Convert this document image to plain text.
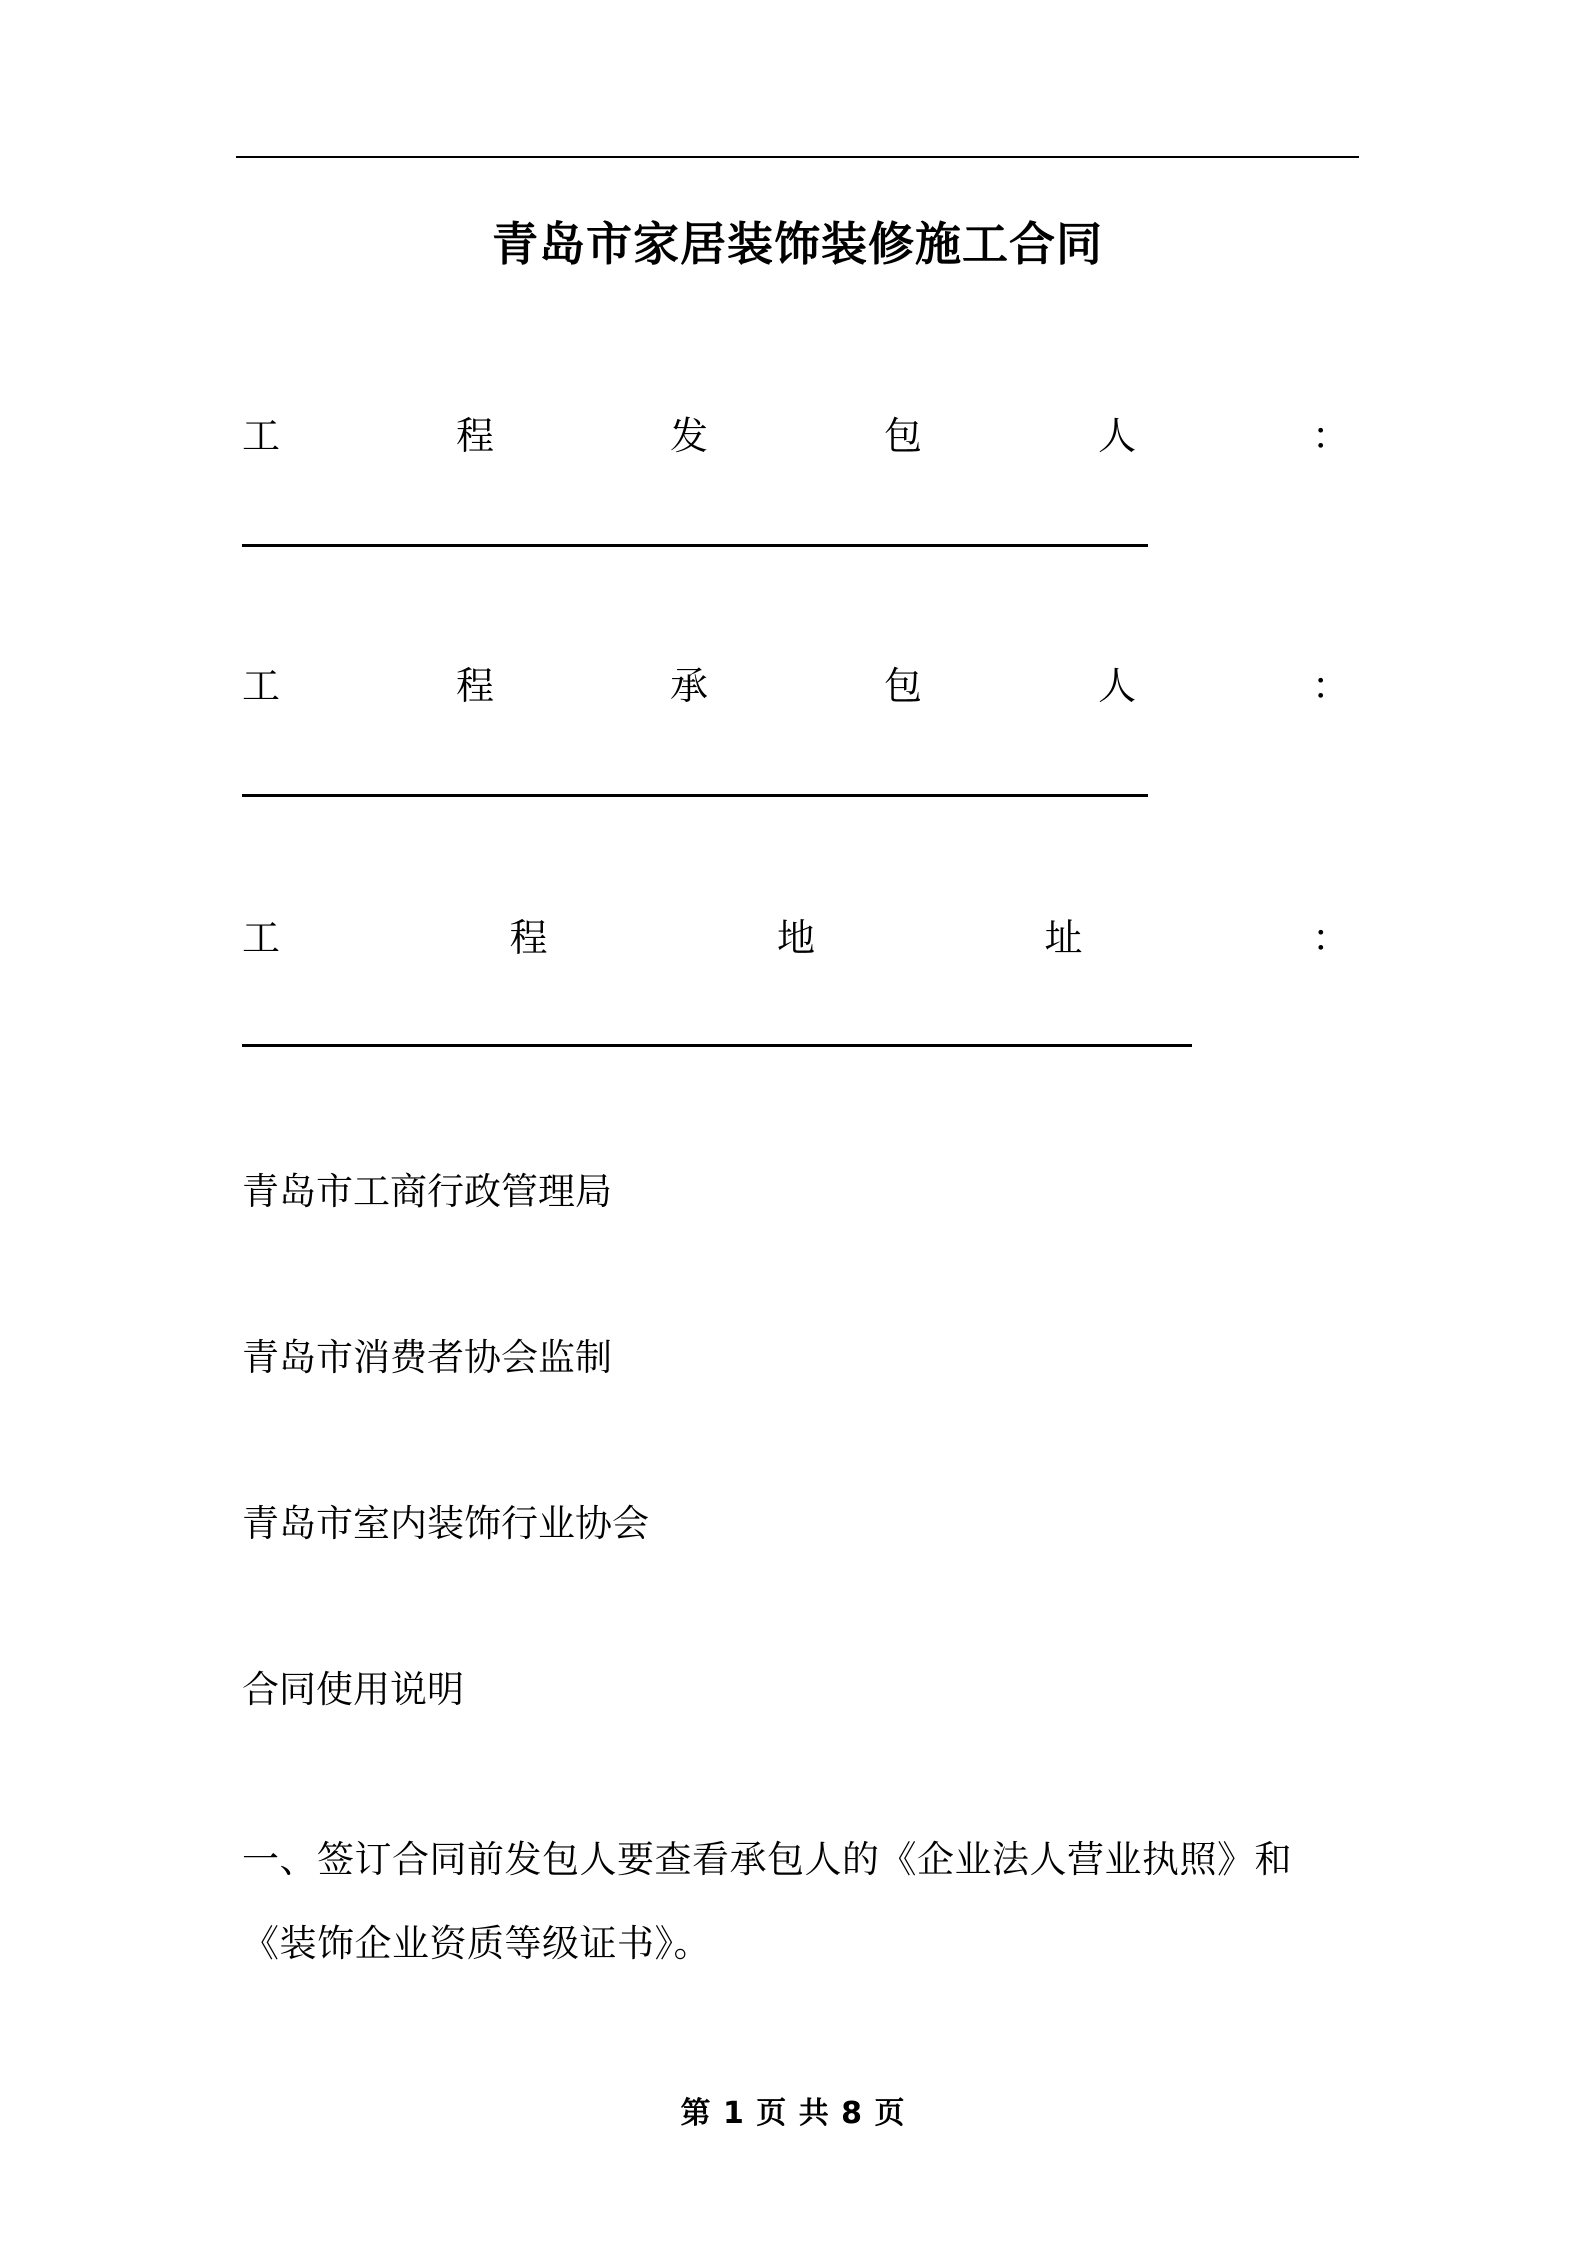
青岛市家居装饰装修施工合同
工	程	发	包	人	：
工	程	承	包	人	：
工	程	地	址	：
青岛市工商行政管理局
青岛市消费者协会监制
青岛市室内装饰行业协会
合同使用说明
一、签订合同前发包人要查看承包人的《企业法人营业执照》和《装饰企业资质等级证书》。
第 1 页 共 8 页
